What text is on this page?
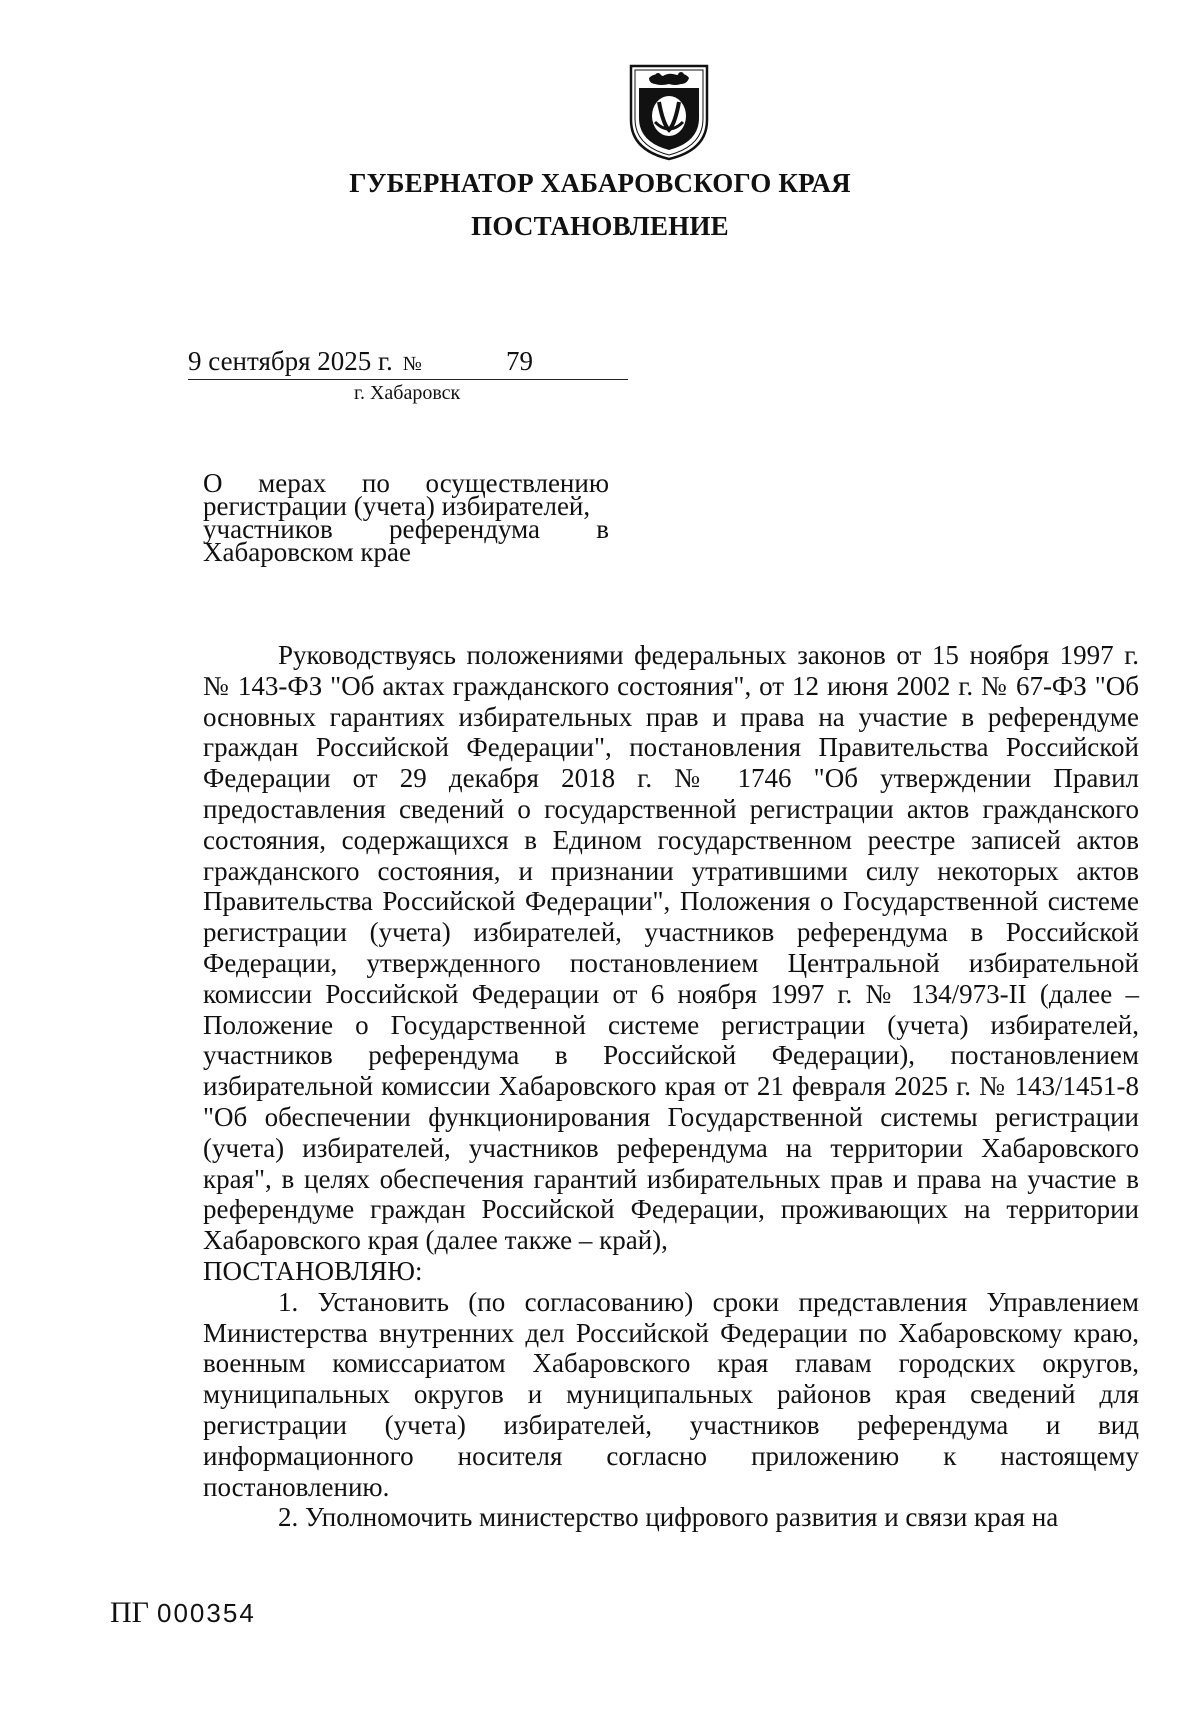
ГУБЕРНАТОР ХАБАРОВСКОГО КРАЯ
ПОСТАНОВЛЕНИЕ
9 сентября 2025 г. №	79
г. Хабаровск
О мерах по осуществлению
регистрации (учета) избирателей,
участников референдума в
Хабаровском крае

Руководствуясь положениями федеральных законов от 15 ноября 1997 г. № 143-ФЗ "Об актах гражданского состояния", от 12 июня 2002 г. № 67-ФЗ "Об основных гарантиях избирательных прав и права на участие в референдуме граждан Российской Федерации", постановления Правительства Российской Федерации от 29 декабря 2018 г. № 1746 "Об утверждении Правил предоставления сведений о государственной регистрации актов гражданского состояния, содержащихся в Едином государственном реестре записей актов гражданского состояния, и признании утратившими силу некоторых актов Правительства Российской Федерации", Положения о Государственной системе регистрации (учета) избирателей, участников референдума в Российской Федерации, утвержденного постановлением Центральной избирательной комиссии Российской Федерации от 6 ноября 1997 г. № 134/973-II (далее – Положение о Государственной системе регистрации (учета) избирателей, участников референдума в Российской Федерации), постановлением избирательной комиссии Хабаровского края от 21 февраля 2025 г. № 143/1451-8 "Об обеспечении функционирования Государственной системы регистрации (учета) избирателей, участников референдума на территории Хабаровского края", в целях обеспечения гарантий избирательных прав и права на участие в референдуме граждан Российской Федерации, проживающих на территории Хабаровского края (далее также – край),

ПОСТАНОВЛЯЮ:

1. Установить (по согласованию) сроки представления Управлением Министерства внутренних дел Российской Федерации по Хабаровскому краю, военным комиссариатом Хабаровского края главам городских округов, муниципальных округов и муниципальных районов края сведений для регистрации (учета) избирателей, участников референдума и вид информационного носителя согласно приложению к настоящему постановлению.

2. Уполномочить министерство цифрового развития и связи края на

ПГ 000354
